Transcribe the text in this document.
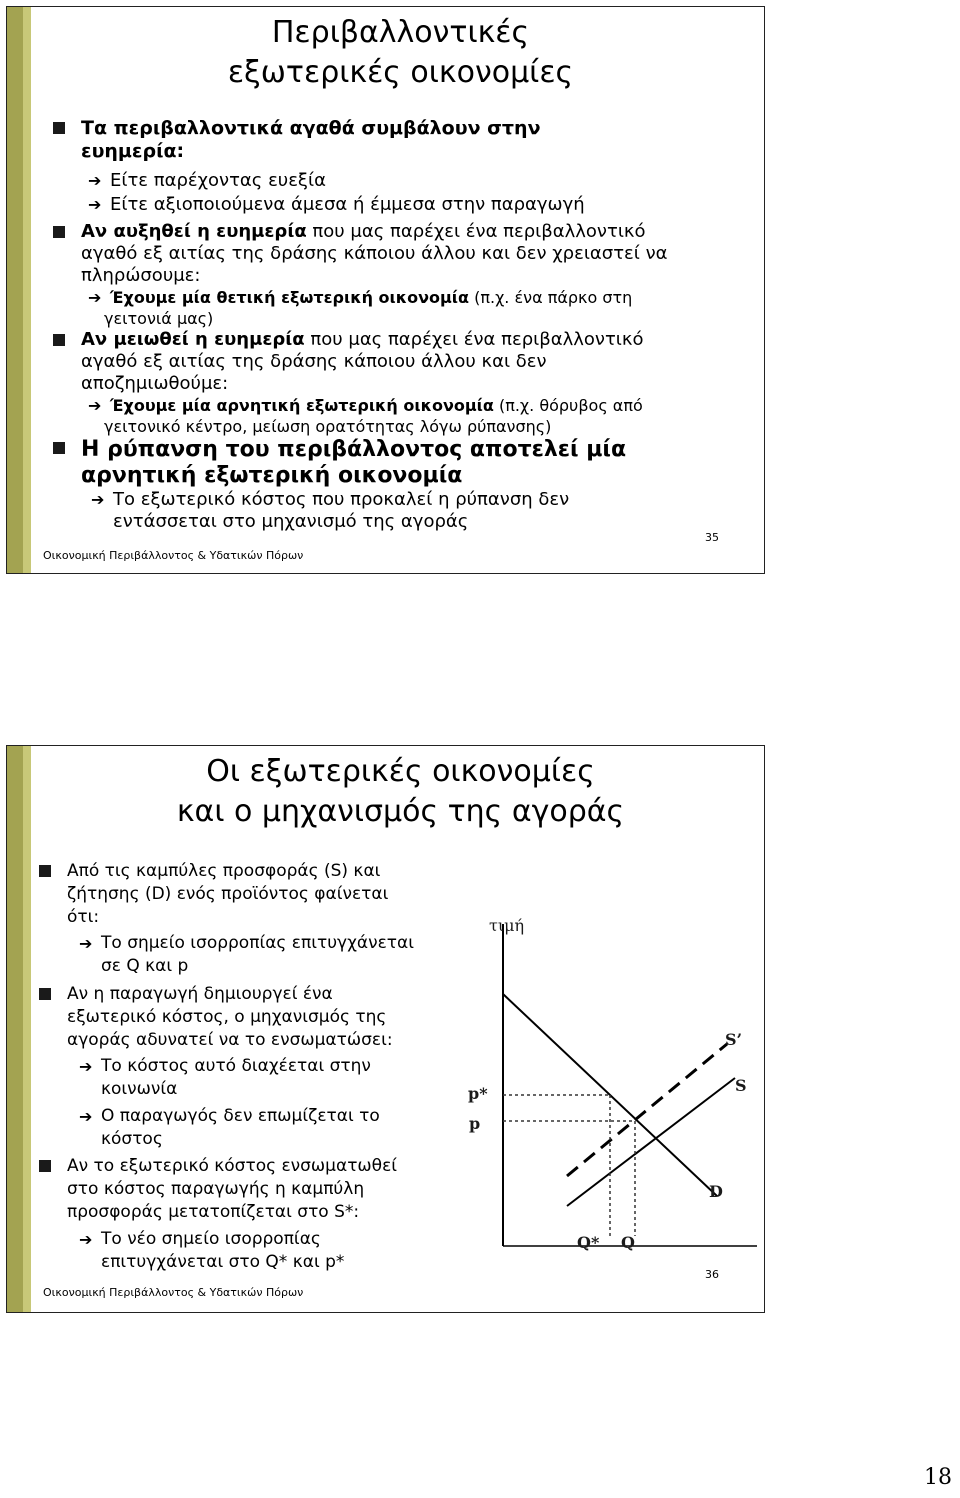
Περιβαλλοντικές
εξωτερικές οικονομίες
Τα περιβαλλοντικά αγαθά συμβάλουν στην
ευημερία:
➔ Είτε παρέχοντας ευεξία
➔ Είτε αξιοποιούμενα άμεσα ή έμμεσα στην παραγωγή
Αν αυξηθεί η ευημερία που μας παρέχει ένα περιβαλλοντικό
αγαθό εξ αιτίας της δράσης κάποιου άλλου και δεν χρειαστεί να
πληρώσουμε:
➔ Έχουμε μία θετική εξωτερική οικονομία (π.χ. ένα πάρκο στη
γειτονιά μας)
Αν μειωθεί η ευημερία που μας παρέχει ένα περιβαλλοντικό
αγαθό εξ αιτίας της δράσης κάποιου άλλου και δεν
αποζημιωθούμε:
➔ Έχουμε μία αρνητική εξωτερική οικονομία (π.χ. θόρυβος από
γειτονικό κέντρο, μείωση ορατότητας λόγω ρύπανσης)
Η ρύπανση του περιβάλλοντος αποτελεί μία
αρνητική εξωτερική οικονομία
➔ Το εξωτερικό κόστος που προκαλεί η ρύπανση δεν
εντάσσεται στο μηχανισμό της αγοράς
Οικονομική Περιβάλλοντος & Υδατικών Πόρων
35
Οι εξωτερικές οικονομίες
και ο μηχανισμός της αγοράς
Από τις καμπύλες προσφοράς (S) και
ζήτησης (D) ενός προϊόντος φαίνεται
ότι:
➔ Το σημείο ισορροπίας επιτυγχάνεται
σε Q και p
Αν η παραγωγή δημιουργεί ένα
εξωτερικό κόστος, ο μηχανισμός της
αγοράς αδυνατεί να το ενσωματώσει:
➔ Το κόστος αυτό διαχέεται στην
κοινωνία
➔ Ο παραγωγός δεν επωμίζεται το
κόστος
Αν το εξωτερικό κόστος ενσωματωθεί
στο κόστος παραγωγής η καμπύλη
προσφοράς μετατοπίζεται στο S*:
➔ Το νέο σημείο ισορροπίας
επιτυγχάνεται στο Q* και p*
τιμή
S’
S
D
p*
p
Q* Q
Οικονομική Περιβάλλοντος & Υδατικών Πόρων
36
18
